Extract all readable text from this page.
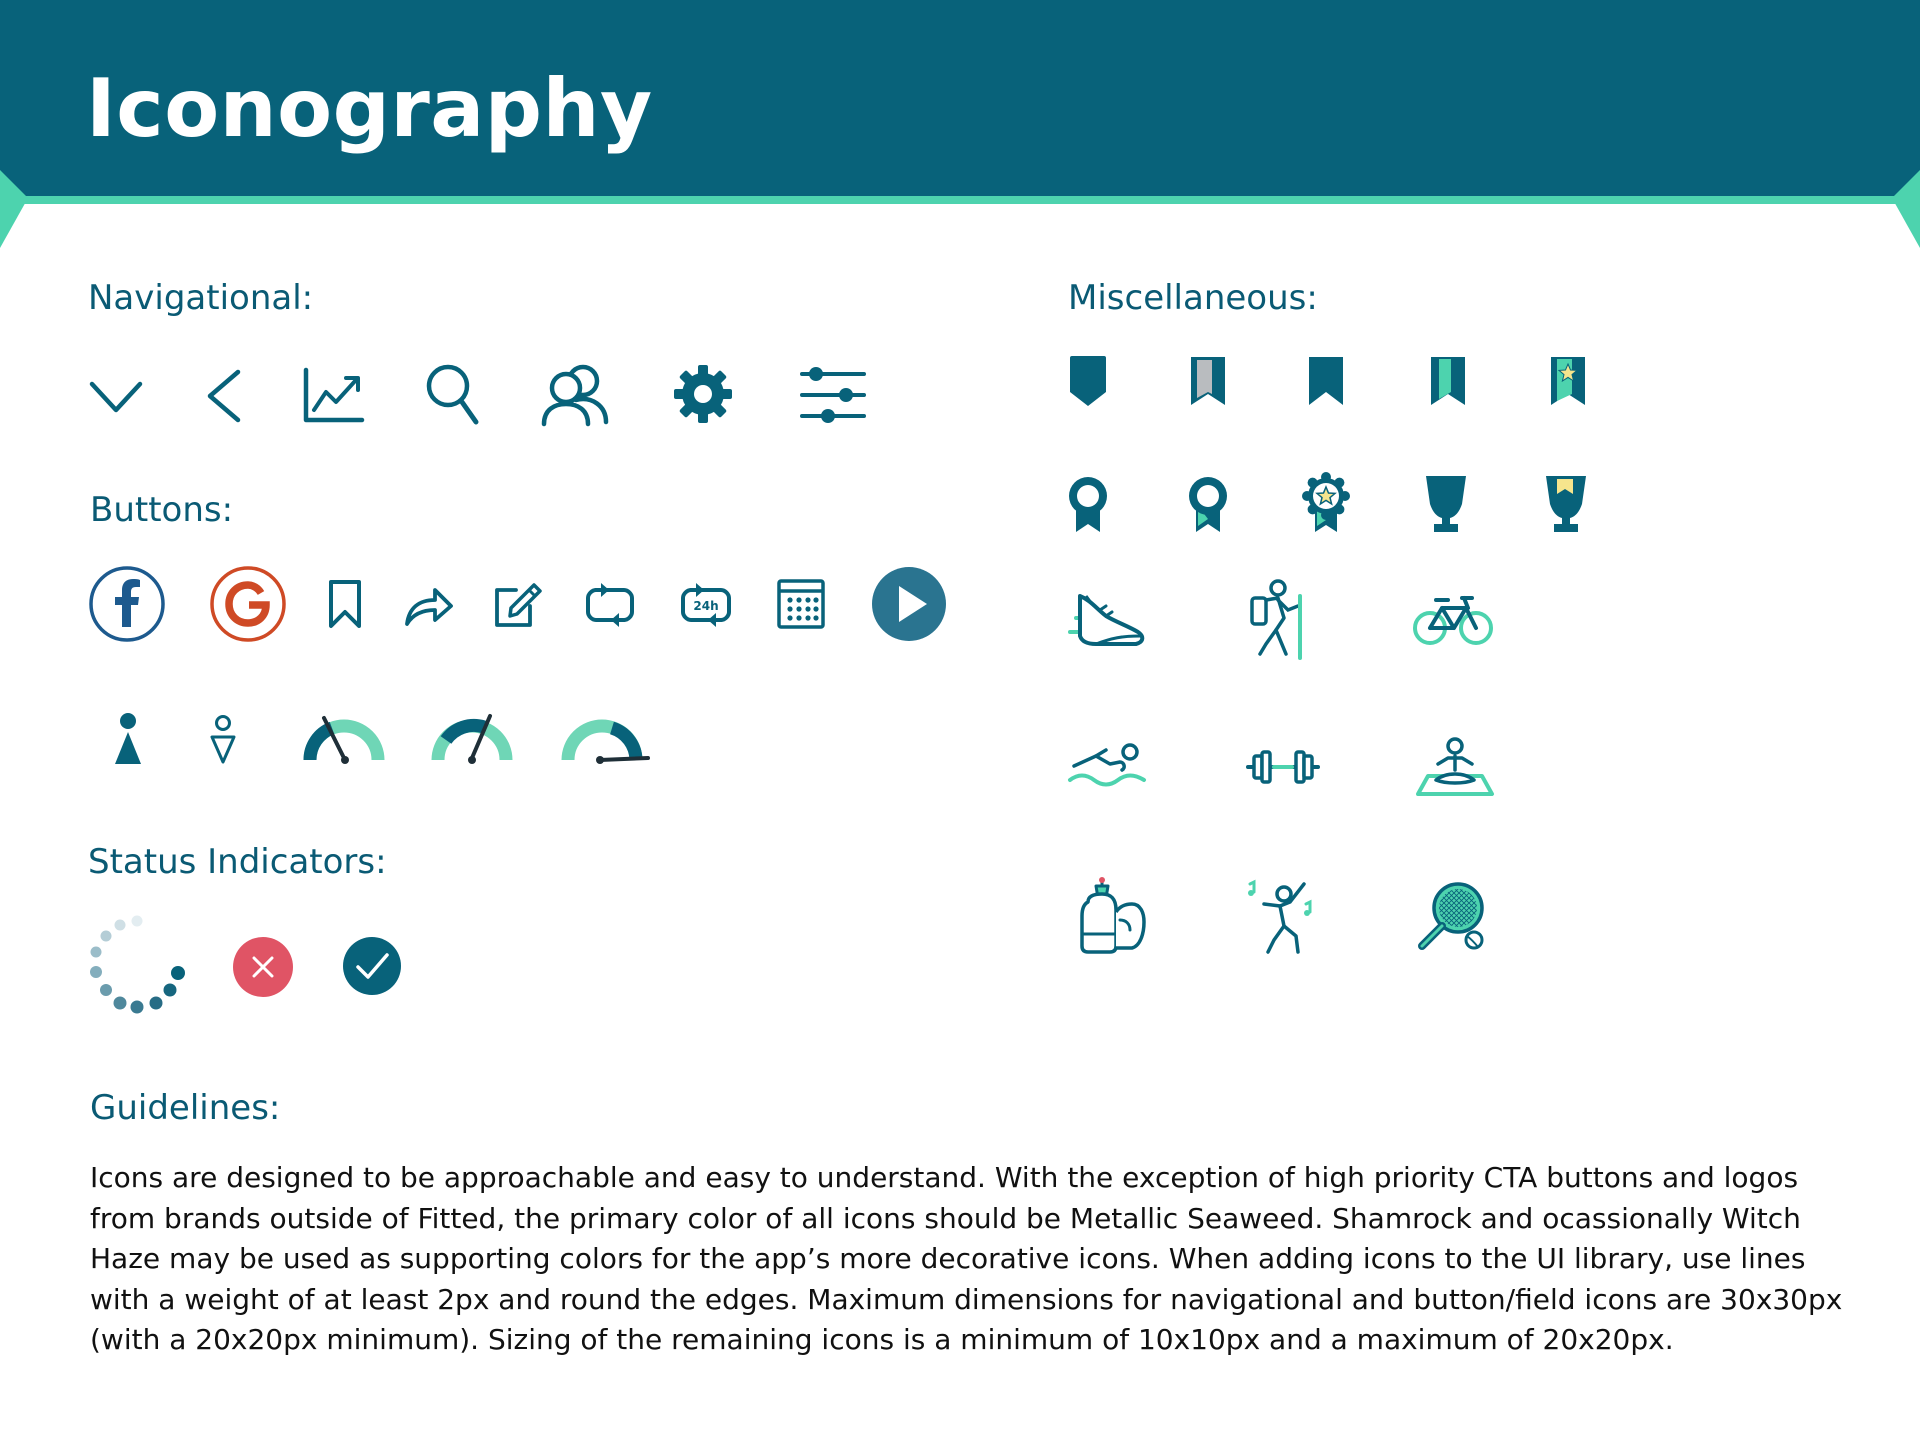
Iconography
Navigational:
Buttons:
Status Indicators:
Miscellaneous:
Guidelines:
24h

Icons are designed to be approachable and easy to understand. With the exception of high priority CTA buttons and logos from brands outside of Fitted, the primary color of all icons should be Metallic Seaweed. Shamrock and ocassionally Witch Haze may be used as supporting colors for the app’s more decorative icons. When adding icons to the UI library, use lines with a weight of at least 2px and round the edges. Maximum dimensions for navigational and button/field icons are 30x30px (with a 20x20px minimum). Sizing of the remaining icons is a minimum of 10x10px and a maximum of 20x20px.
